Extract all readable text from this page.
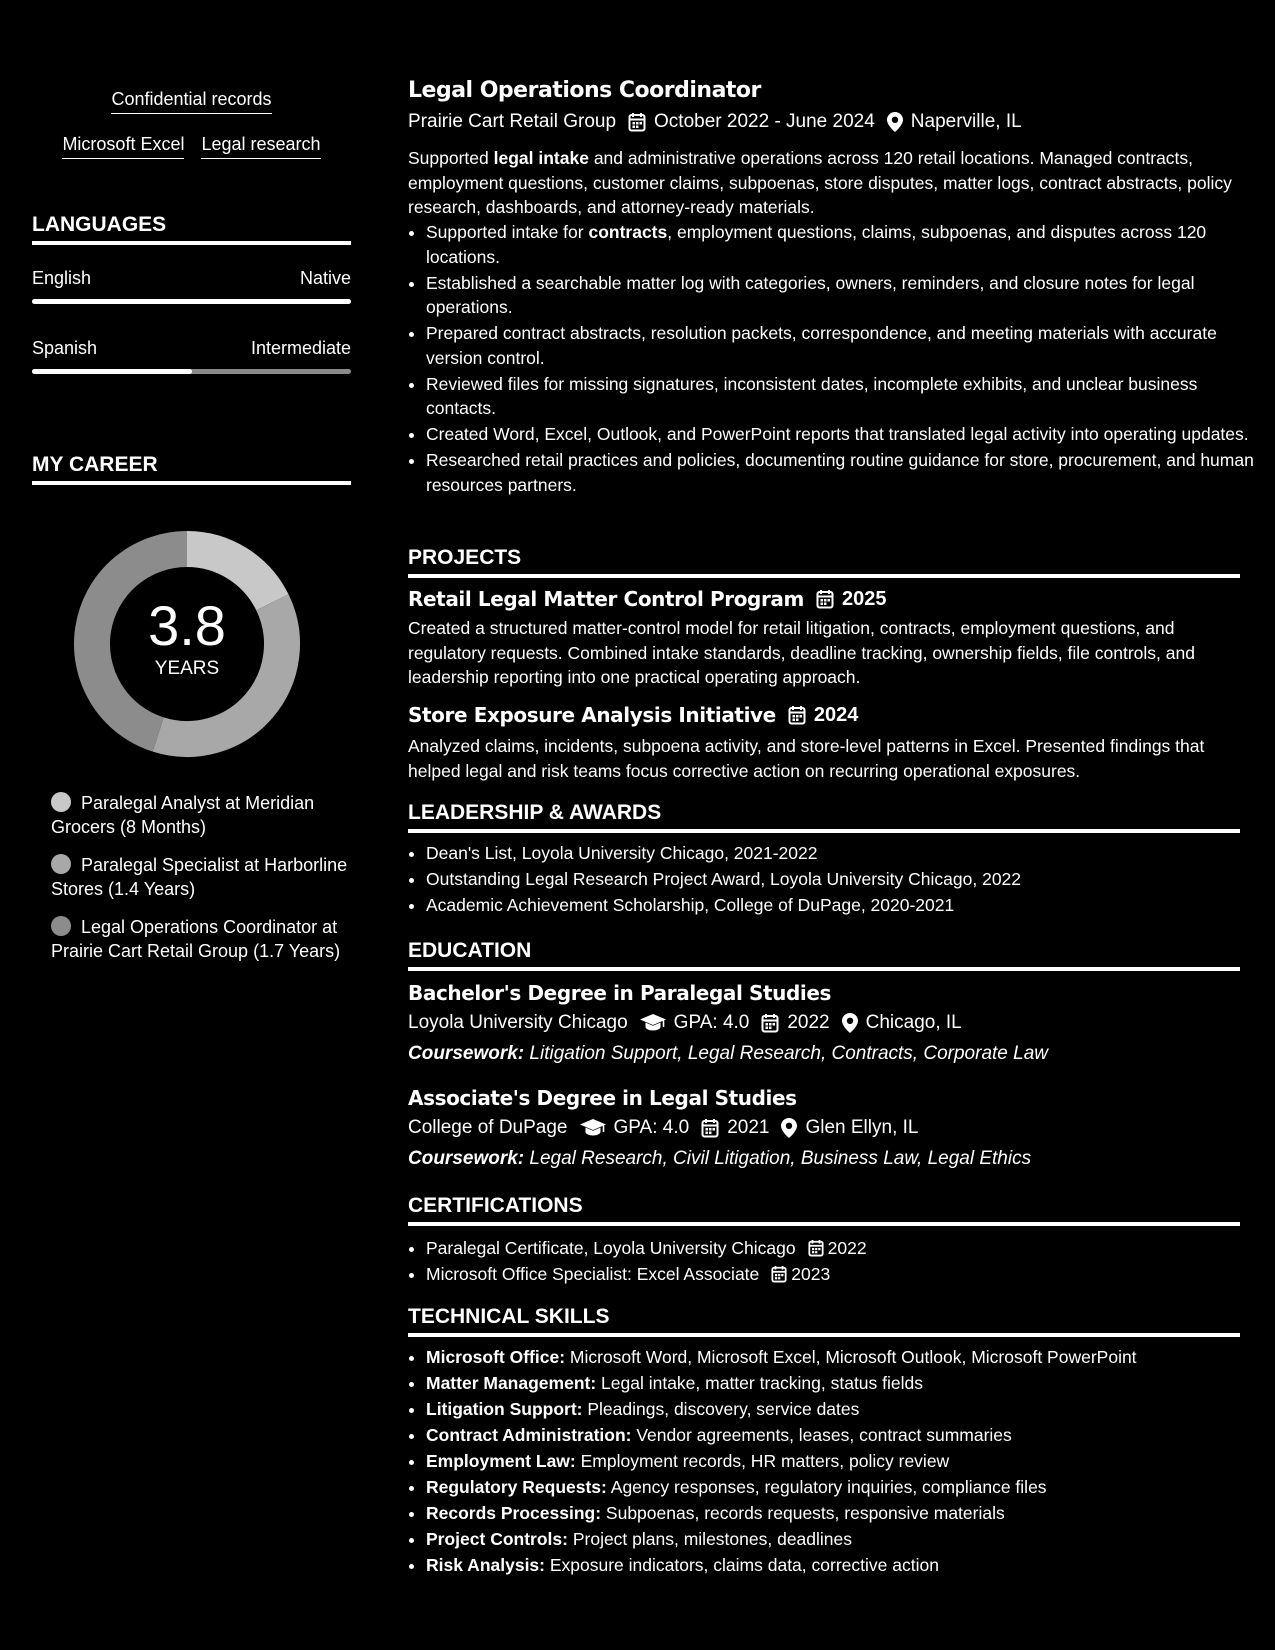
Confidential records
Microsoft Excel Legal research
LANGUAGES
English	Native
Spanish	Intermediate
MY CAREER
3.8
YEARS
Paralegal Analyst at Meridian Grocers (8 Months)
Paralegal Specialist at Harborline Stores (1.4 Years)
Legal Operations Coordinator at Prairie Cart Retail Group (1.7 Years)
Legal Operations Coordinator
Prairie Cart Retail Group October 2022 - June 2024 Naperville, IL
Supported legal intake and administrative operations across 120 retail locations. Managed contracts, employment questions, customer claims, subpoenas, store disputes, matter logs, contract abstracts, policy research, dashboards, and attorney-ready materials.
• Supported intake for contracts, employment questions, claims, subpoenas, and disputes across 120 locations.
• Established a searchable matter log with categories, owners, reminders, and closure notes for legal operations.
• Prepared contract abstracts, resolution packets, correspondence, and meeting materials with accurate version control.
• Reviewed files for missing signatures, inconsistent dates, incomplete exhibits, and unclear business contacts.
• Created Word, Excel, Outlook, and PowerPoint reports that translated legal activity into operating updates.
• Researched retail practices and policies, documenting routine guidance for store, procurement, and human resources partners.
PROJECTS
Retail Legal Matter Control Program 2025
Created a structured matter-control model for retail litigation, contracts, employment questions, and regulatory requests. Combined intake standards, deadline tracking, ownership fields, file controls, and leadership reporting into one practical operating approach.
Store Exposure Analysis Initiative 2024
Analyzed claims, incidents, subpoena activity, and store-level patterns in Excel. Presented findings that helped legal and risk teams focus corrective action on recurring operational exposures.
LEADERSHIP & AWARDS
• Dean's List, Loyola University Chicago, 2021-2022
• Outstanding Legal Research Project Award, Loyola University Chicago, 2022
• Academic Achievement Scholarship, College of DuPage, 2020-2021
EDUCATION
Bachelor's Degree in Paralegal Studies
Loyola University Chicago GPA: 4.0 2022 Chicago, IL
Coursework: Litigation Support, Legal Research, Contracts, Corporate Law
Associate's Degree in Legal Studies
College of DuPage GPA: 4.0 2021 Glen Ellyn, IL
Coursework: Legal Research, Civil Litigation, Business Law, Legal Ethics
CERTIFICATIONS
• Paralegal Certificate, Loyola University Chicago 2022
• Microsoft Office Specialist: Excel Associate 2023
TECHNICAL SKILLS
• Microsoft Office: Microsoft Word, Microsoft Excel, Microsoft Outlook, Microsoft PowerPoint
• Matter Management: Legal intake, matter tracking, status fields
• Litigation Support: Pleadings, discovery, service dates
• Contract Administration: Vendor agreements, leases, contract summaries
• Employment Law: Employment records, HR matters, policy review
• Regulatory Requests: Agency responses, regulatory inquiries, compliance files
• Records Processing: Subpoenas, records requests, responsive materials
• Project Controls: Project plans, milestones, deadlines
• Risk Analysis: Exposure indicators, claims data, corrective action
